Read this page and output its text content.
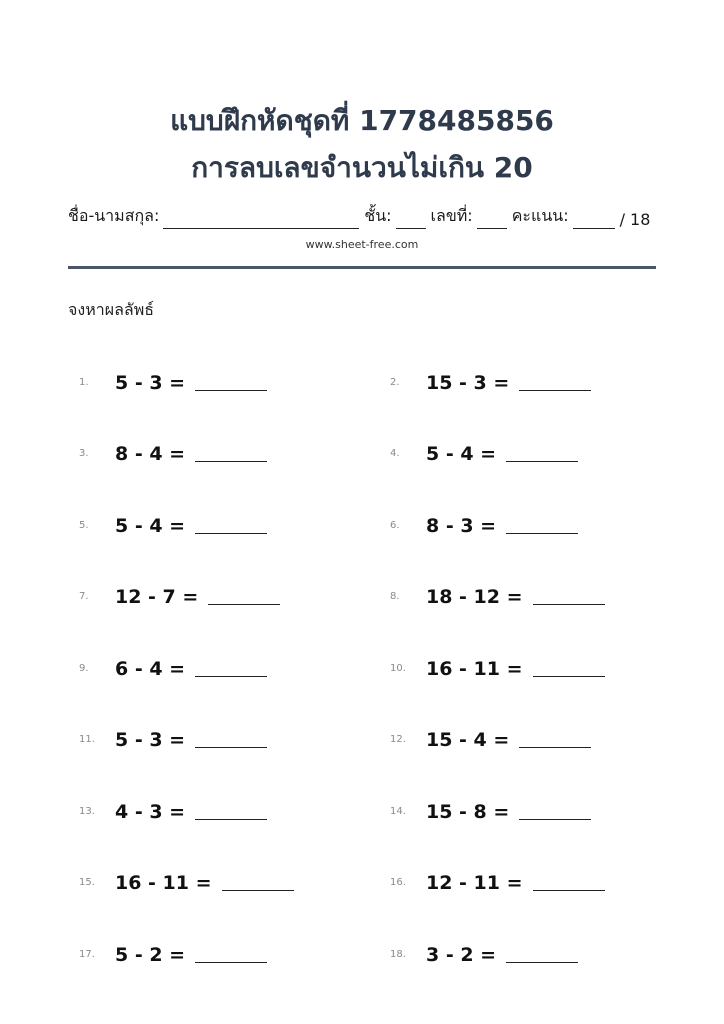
แบบฝึกหัดชุดที่ 1778485856
การลบเลขจำนวนไม่เกิน 20
ชื่อ-นามสกุล:	ชั้น: เลขที่: คะแนน:	/ 18
www.sheet-free.com
จงหาผลลัพธ์
1.	5 - 3 =	2.	15 - 3 =
3.	8 - 4 =	4.	5 - 4 =
5.	5 - 4 =	6.	8 - 3 =
7.	12 - 7 =	8.	18 - 12 =
9.	6 - 4 =	10.	16 - 11 =
11.	5 - 3 =	12.	15 - 4 =
13.	4 - 3 =	14.	15 - 8 =
15.	16 - 11 =	16.	12 - 11 =
17.	5 - 2 =	18.	3 - 2 =
